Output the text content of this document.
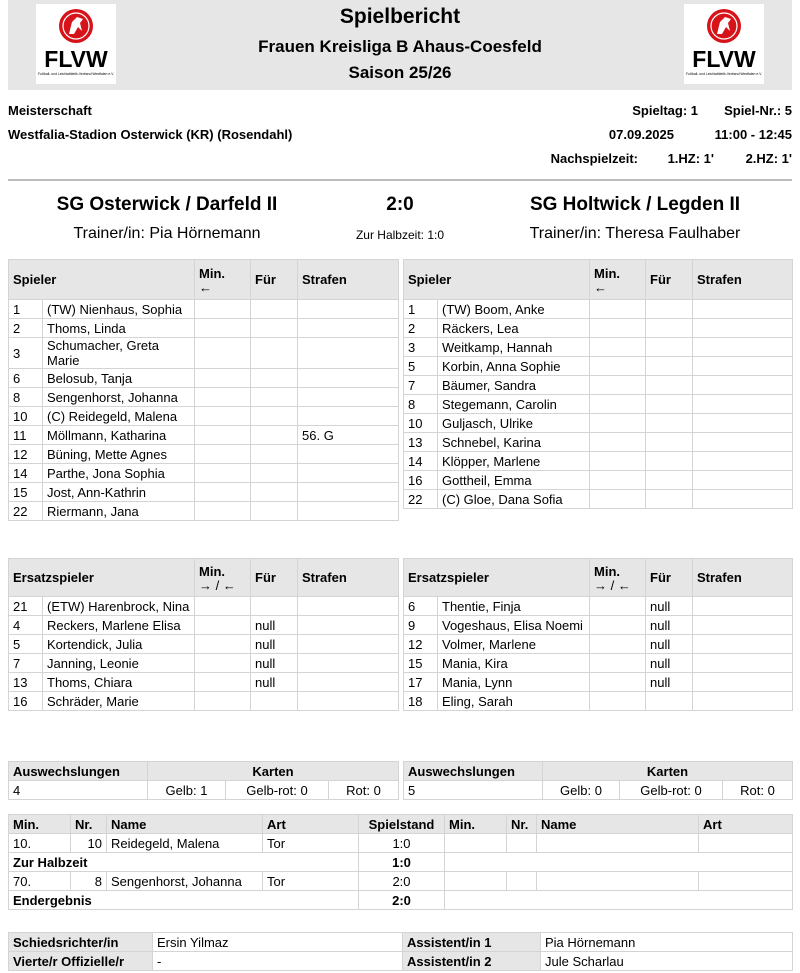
FLVW
Fußball- und Leichtathletik-Verband Westfalen e.V.
Spielbericht
Frauen Kreisliga B Ahaus-Coesfeld
Saison 25/26
FLVW
Fußball- und Leichtathletik-Verband Westfalen e.V.
Meisterschaft
Westfalia-Stadion Osterwick (KR) (Rosendahl)
Spieltag: 1 Spiel-Nr.: 5
07.09.2025	11:00 - 12:45
Nachspielzeit: 1.HZ: 1' 2.HZ: 1'
SG Osterwick / Darfeld II	2:0	SG Holtwick / Legden II
Trainer/in: Pia Hörnemann	Zur Halbzeit: 1:0	Trainer/in: Theresa Faulhaber
Spieler		Min.
←	Für	Strafen
1	(TW) Nienhaus, Sophia			
2	Thoms, Linda			
3	Schumacher, Greta Marie			
6	Belosub, Tanja			
8	Sengenhorst, Johanna			
10	(C) Reidegeld, Malena			
11	Möllmann, Katharina			56. G
12	Büning, Mette Agnes			
14	Parthe, Jona Sophia			
15	Jost, Ann-Kathrin			
22	Riermann, Jana			
Spieler		Min.
←	Für	Strafen
1	(TW) Boom, Anke			
2	Räckers, Lea			
3	Weitkamp, Hannah			
5	Korbin, Anna Sophie			
7	Bäumer, Sandra			
8	Stegemann, Carolin			
10	Guljasch, Ulrike			
13	Schnebel, Karina			
14	Klöpper, Marlene			
16	Gottheil, Emma			
22	(C) Gloe, Dana Sofia			
Ersatzspieler		Min.
→ / ←	Für	Strafen
21	(ETW) Harenbrock, Nina			
4	Reckers, Marlene Elisa		null	
5	Kortendick, Julia		null	
7	Janning, Leonie		null	
13	Thoms, Chiara		null	
16	Schräder, Marie			
Ersatzspieler		Min.
→ / ←	Für	Strafen
6	Thentie, Finja		null	
9	Vogeshaus, Elisa Noemi		null	
12	Volmer, Marlene		null	
15	Mania, Kira		null	
17	Mania, Lynn		null	
18	Eling, Sarah			
Auswechslungen	Karten		
4	Gelb: 1	Gelb-rot: 0	Rot: 0
Auswechslungen	Karten		
5	Gelb: 0	Gelb-rot: 0	Rot: 0
Min.	Nr.	Name	Art	Spielstand	Min.	Nr.	Name	Art
10.	10	Reidegeld, Malena	Tor	1:0				
Zur Halbzeit				1:0				
70.	8	Sengenhorst, Johanna	Tor	2:0				
Endergebnis				2:0				
Schiedsrichter/in	Ersin Yilmaz	Assistent/in 1	Pia Hörnemann
Vierte/r Offizielle/r	-	Assistent/in 2	Jule Scharlau
